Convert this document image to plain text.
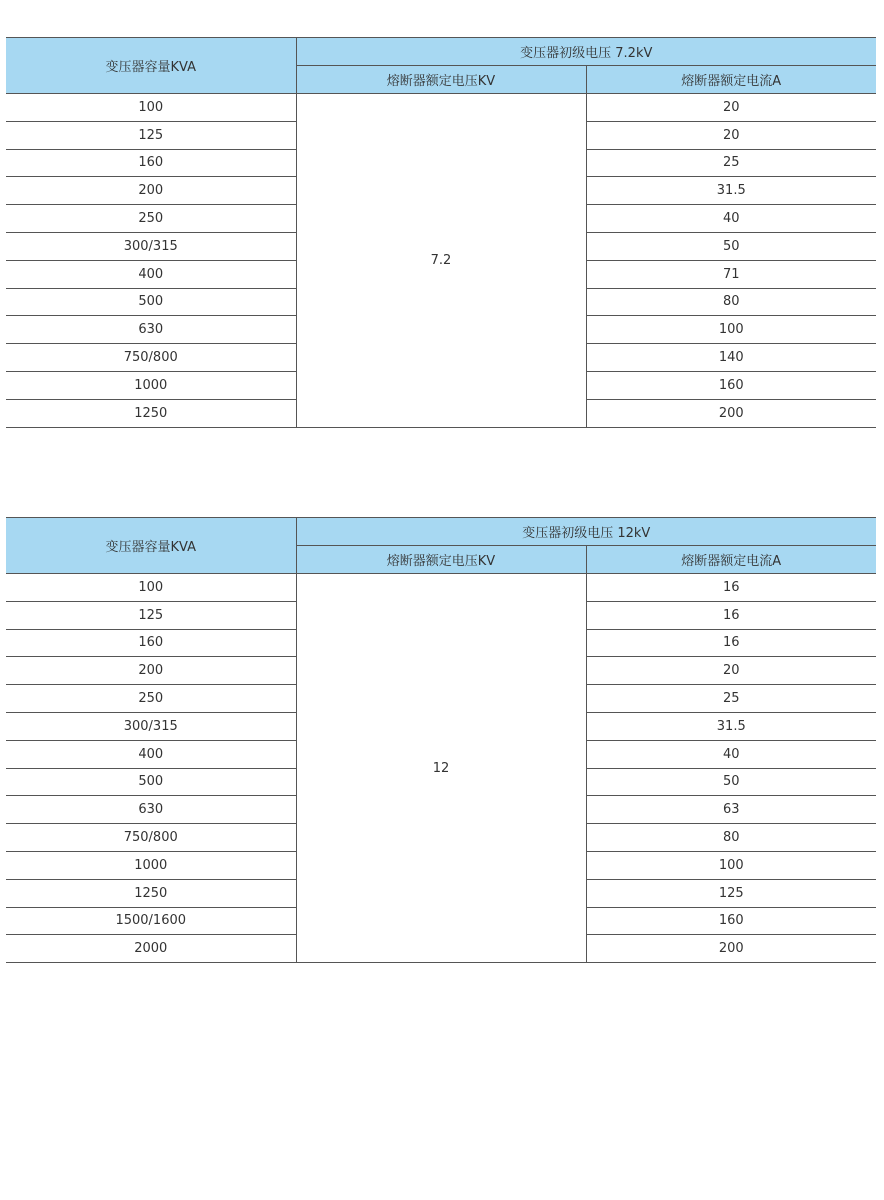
变压器容量KVA	变压器初级电压 7.2kV	
	熔断器额定电压KV	熔断器额定电流A
100	7.2	20
125		20
160		25
200		31.5
250		40
300/315		50
400		71
500		80
630		100
750/800		140
1000		160
1250		200
变压器容量KVA	变压器初级电压 12kV	
	熔断器额定电压KV	熔断器额定电流A
100	12	16
125		16
160		16
200		20
250		25
300/315		31.5
400		40
500		50
630		63
750/800		80
1000		100
1250		125
1500/1600		160
2000		200
